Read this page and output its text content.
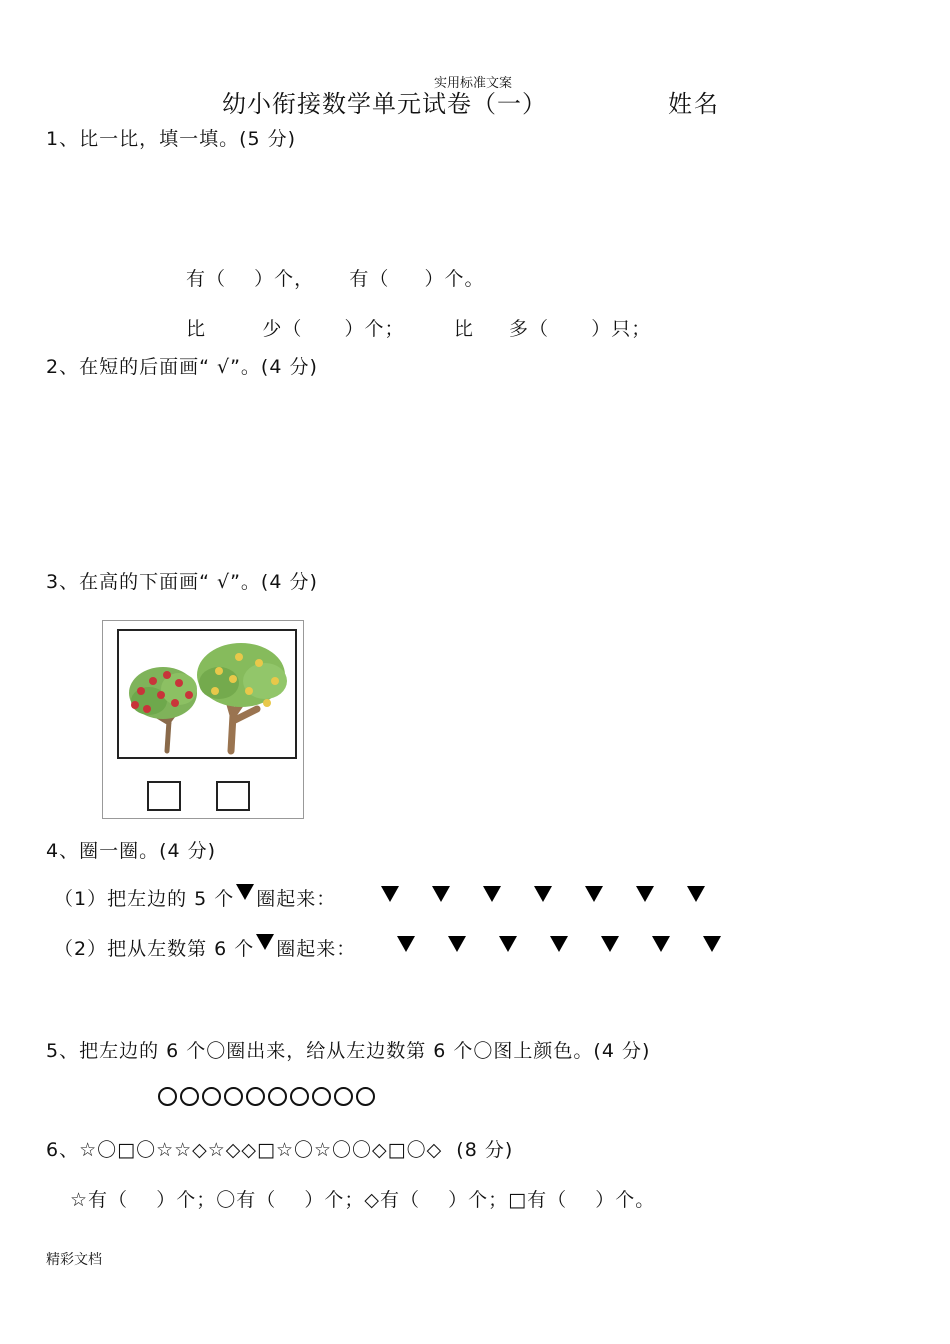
实用标准文案
幼小衔接数学单元试卷（一）	姓名
1、比一比，填一填。(5 分)
有（    ）个，     有（     ）个。
比        少（      ）个；       比     多（      ）只；
2、在短的后面画“ √”。(4 分)
3、在高的下面画“ √”。(4 分)
4、圈一圈。(4 分)
（1）把左边的 5 个 圈起来：
（2）把从左数第 6 个 圈起来：
5、把左边的 6 个〇圈出来，给从左边数第 6 个〇图上颜色。(4 分)
6、☆〇□〇☆☆◇☆◇◇□☆〇☆〇〇◇□〇◇  (8 分)
☆有（    ）个；〇有（    ）个；◇有（    ）个；□有（    ）个。
精彩文档
